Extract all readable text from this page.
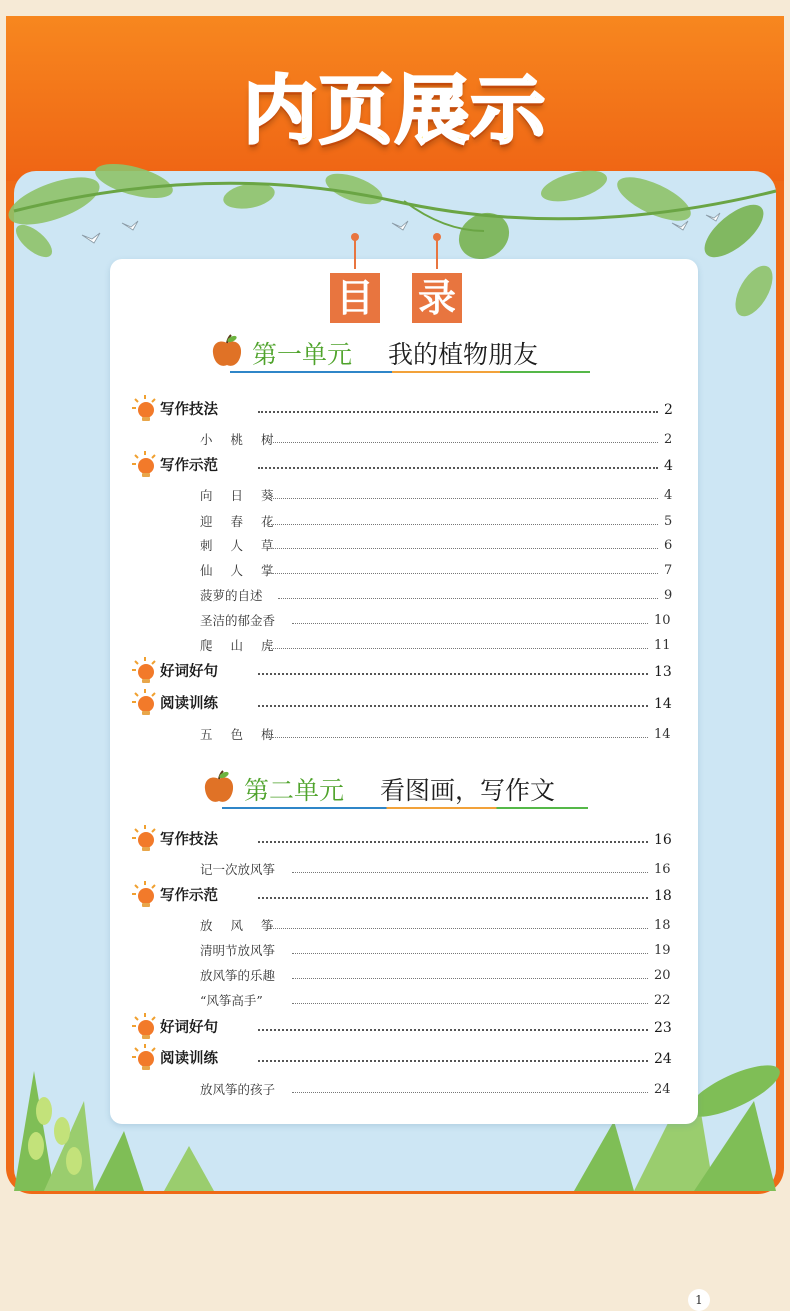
内页展示
目 录
第一单元 我的植物朋友
写作技法	2
小 桃 树	2
写作示范	4
向 日 葵	4
迎 春 花	5
刺 人 草	6
仙 人 掌	7
菠萝的自述	9
圣洁的郁金香	10
爬 山 虎	11
好词好句	13
阅读训练	14
五 色 梅	14
第二单元 看图画，写作文
写作技法	16
记一次放风筝	16
写作示范	18
放 风 筝	18
清明节放风筝	19
放风筝的乐趣	20
“风筝高手”	22
好词好句	23
阅读训练	24
放风筝的孩子	24
1
